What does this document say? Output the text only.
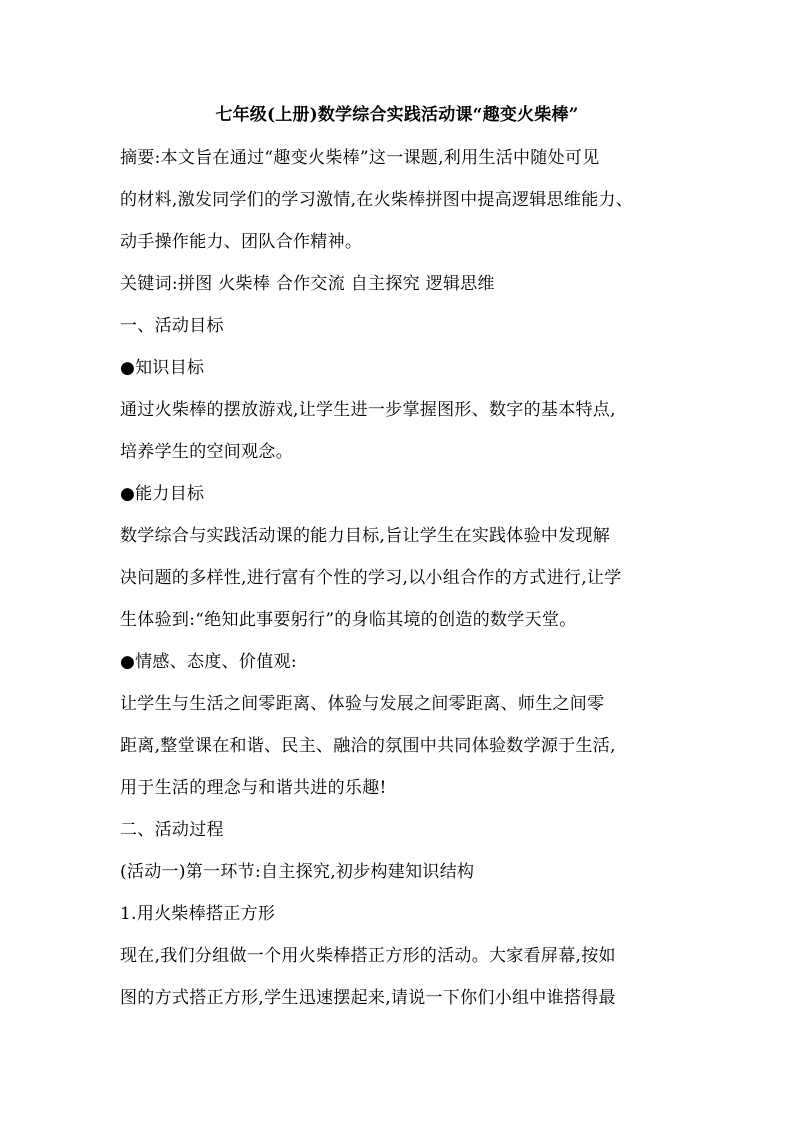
七年级(上册)数学综合实践活动课“趣变火柴棒”
摘要:本文旨在通过“趣变火柴棒”这一课题,利用生活中随处可见
的材料,激发同学们的学习激情,在火柴棒拼图中提高逻辑思维能力、
动手操作能力、团队合作精神。
关键词:拼图 火柴棒 合作交流 自主探究 逻辑思维
一、活动目标
●知识目标
通过火柴棒的摆放游戏,让学生进一步掌握图形、数字的基本特点,
培养学生的空间观念。
●能力目标
数学综合与实践活动课的能力目标,旨让学生在实践体验中发现解
决问题的多样性,进行富有个性的学习,以小组合作的方式进行,让学
生体验到:“绝知此事要躬行”的身临其境的创造的数学天堂。
●情感、态度、价值观:
让学生与生活之间零距离、体验与发展之间零距离、师生之间零
距离,整堂课在和谐、民主、融洽的氛围中共同体验数学源于生活,
用于生活的理念与和谐共进的乐趣!
二、活动过程
(活动一)第一环节:自主探究,初步构建知识结构
1.用火柴棒搭正方形
现在,我们分组做一个用火柴棒搭正方形的活动。大家看屏幕,按如
图的方式搭正方形,学生迅速摆起来,请说一下你们小组中谁搭得最
